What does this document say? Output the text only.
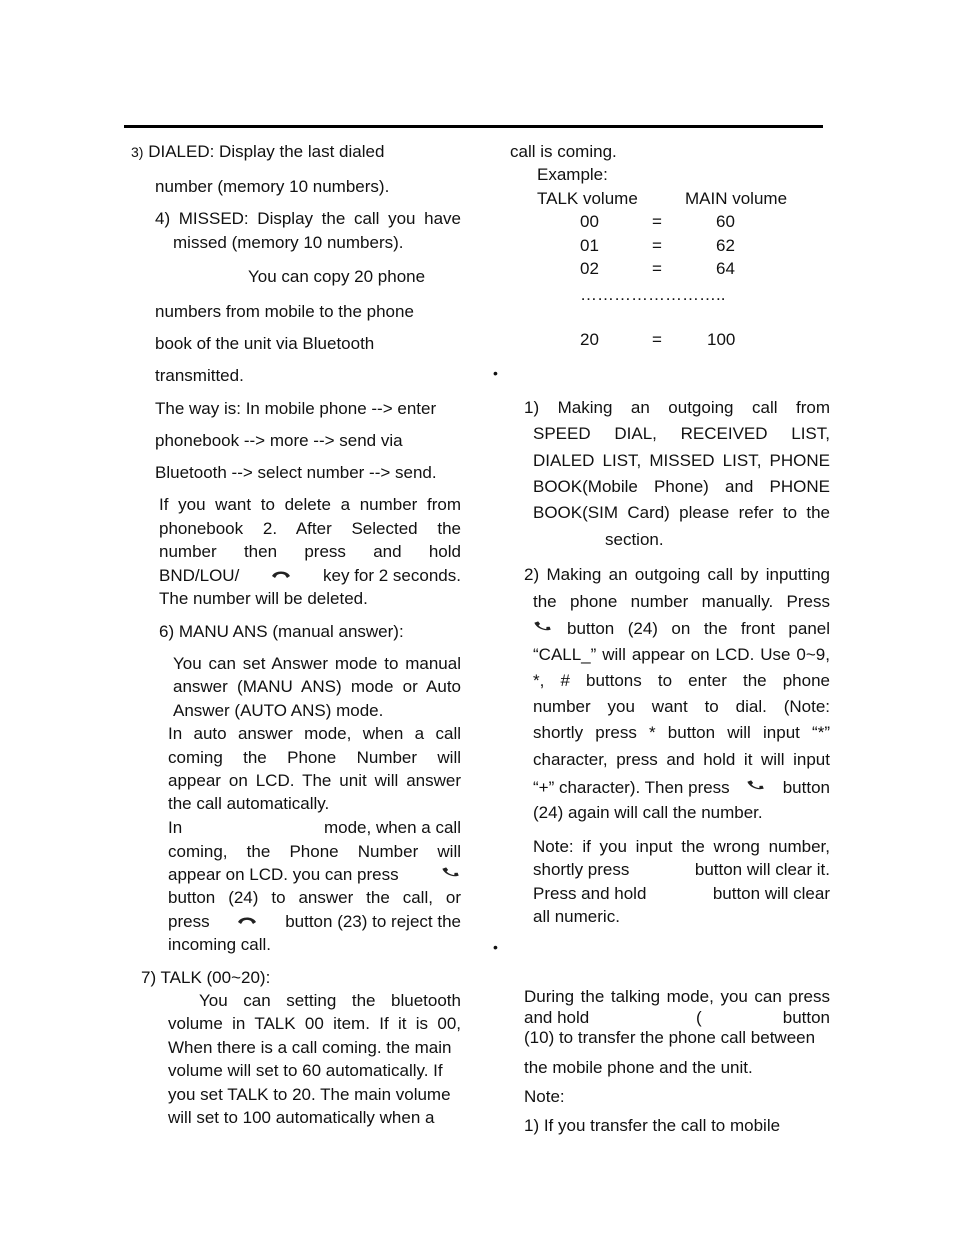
3) DIALED: Display the last dialed

number (memory 10 numbers).

4) MISSED: Display the call you have

missed (memory 10 numbers).

You can copy 20 phone

numbers from mobile to the phone

book of the unit via Bluetooth

transmitted.

The way is: In mobile phone --> enter

phonebook --> more --> send via

Bluetooth --> select number --> send.

If you want to delete a number from

phonebook 2. After Selected the

number then press and hold

BND/LOU/	key for 2 seconds.

The number will be deleted.

6) MANU ANS (manual answer):

You can set Answer mode to manual

answer (MANU ANS) mode or Auto

Answer (AUTO ANS) mode.

In auto answer mode, when a call

coming the Phone Number will

appear on LCD. The unit will answer

the call automatically.

In	mode, when a call

coming, the Phone Number will

appear on LCD. you can press

button (24) to answer the call, or

press	button (23) to reject the

incoming call.

7) TALK (00~20):

You can setting the bluetooth

volume in TALK 00 item. If it is 00,

When there is a call coming. the main

volume will set to 60 automatically. If

you set TALK to 20. The main volume

will set to 100 automatically when a

call is coming.

Example:

TALK volume	MAIN volume

00	=	60

01	=	62

02	=	64

……………………..

20	=	100

•

1) Making an outgoing call from

SPEED DIAL, RECEIVED LIST,

DIALED LIST, MISSED LIST, PHONE

BOOK(Mobile Phone) and PHONE

BOOK(SIM Card) please refer to the

section.

2) Making an outgoing call by inputting

the phone number manually. Press

button (24) on the front panel

“CALL_” will appear on LCD. Use 0~9,

*, # buttons to enter the phone

number you want to dial. (Note:

shortly press * button will input “*”

character, press and hold it will input

“+” character). Then press	button

(24) again will call the number.

Note: if you input the wrong number,

shortly press	button will clear it.
Press and hold	button will clear

all numeric.

•

During the talking mode, you can press

and hold	(	button

(10) to transfer the phone call between

the mobile phone and the unit.

Note:

1) If you transfer the call to mobile
